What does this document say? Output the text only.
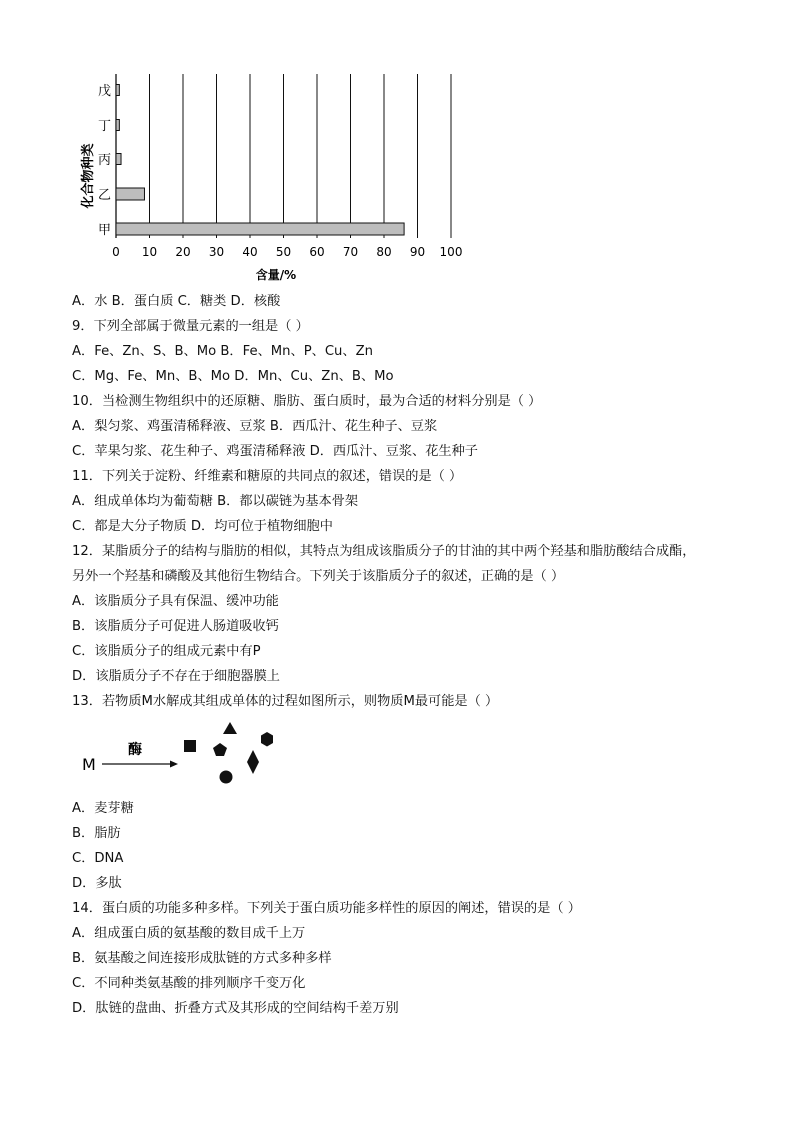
甲
乙
丙
丁
戊
0 10 20 30 40 50 60 70 80 90 100
化合物种类
含量/%
A．水 B．蛋白质 C．糖类 D．核酸
9．下列全部属于微量元素的一组是（ ）
A．Fe、Zn、S、B、Mo B．Fe、Mn、P、Cu、Zn
C．Mg、Fe、Mn、B、Mo D．Mn、Cu、Zn、B、Mo
10．当检测生物组织中的还原糖、脂肪、蛋白质时，最为合适的材料分别是（ ）
A．梨匀浆、鸡蛋清稀释液、豆浆 B．西瓜汁、花生种子、豆浆
C．苹果匀浆、花生种子、鸡蛋清稀释液 D．西瓜汁、豆浆、花生种子
11．下列关于淀粉、纤维素和糖原的共同点的叙述，错误的是（ ）
A．组成单体均为葡萄糖 B．都以碳链为基本骨架
C．都是大分子物质 D．均可位于植物细胞中
12．某脂质分子的结构与脂肪的相似，其特点为组成该脂质分子的甘油的其中两个羟基和脂肪酸结合成酯，
另外一个羟基和磷酸及其他衍生物结合。下列关于该脂质分子的叙述，正确的是（ ）
A．该脂质分子具有保温、缓冲功能
B．该脂质分子可促进人肠道吸收钙
C．该脂质分子的组成元素中有P
D．该脂质分子不存在于细胞器膜上
13．若物质M水解成其组成单体的过程如图所示，则物质M最可能是（ ）
M
酶
A．麦芽糖
B．脂肪
C．DNA
D．多肽
14．蛋白质的功能多种多样。下列关于蛋白质功能多样性的原因的阐述，错误的是（ ）
A．组成蛋白质的氨基酸的数目成千上万
B．氨基酸之间连接形成肽链的方式多种多样
C．不同种类氨基酸的排列顺序千变万化
D．肽链的盘曲、折叠方式及其形成的空间结构千差万别
